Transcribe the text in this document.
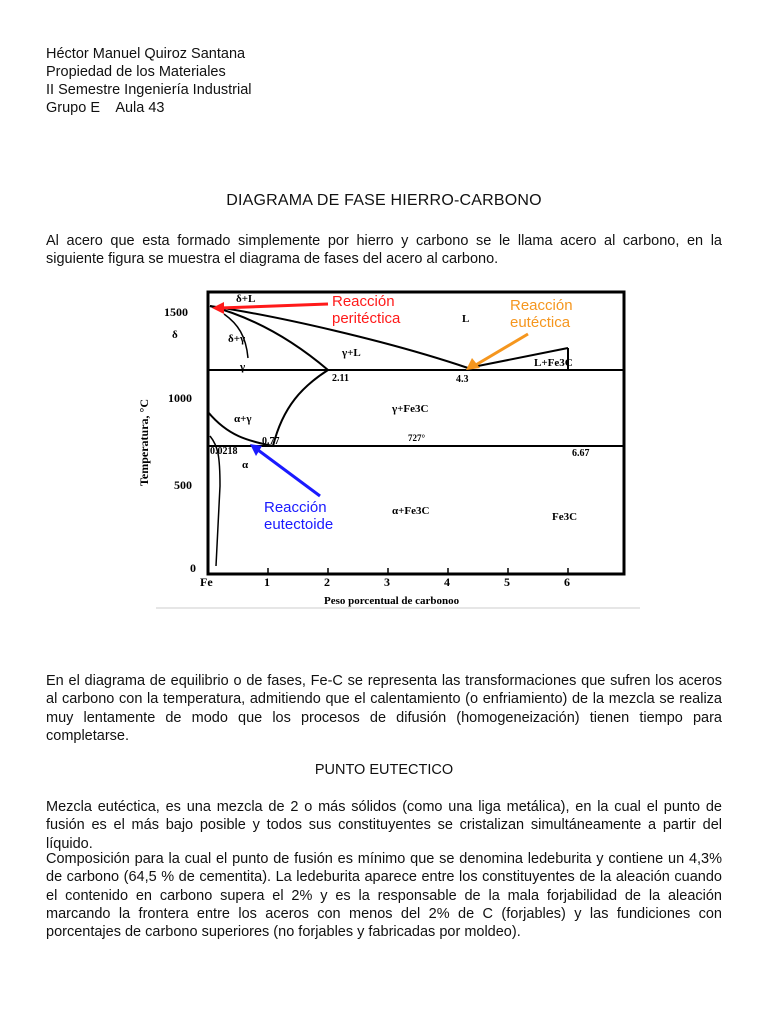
Héctor Manuel Quiroz Santana
Propiedad de los Materiales
II Semestre Ingeniería Industrial
Grupo E    Aula 43
DIAGRAMA DE FASE HIERRO-CARBONO
Al acero que esta formado simplemente por hierro y carbono se le llama acero al carbono, en la siguiente figura se muestra el diagrama de fases del acero al carbono.
1500
1000
500
0
Temperatura, °C
Fe	1	2	3	4	5	6
Peso porcentual de carbonoo
δ
δ+L
δ+γ
γ
γ+L
L
L+Fe3C
α+γ
α
γ+Fe3C
α+Fe3C	Fe3C
2.11	4.3
0.77
0.0218
727°
6.67
Reacción
peritéctica
Reacción
eutéctica
Reacción
eutectoide
En el diagrama de equilibrio o de fases, Fe-C se representa las transformaciones que sufren los aceros al carbono con la temperatura, admitiendo que el calentamiento (o enfriamiento) de la mezcla se realiza muy lentamente de modo que los procesos de difusión (homogeneización) tienen tiempo para completarse.
PUNTO EUTECTICO
Mezcla eutéctica, es una mezcla de 2 o más sólidos (como una liga metálica), en la cual el punto de fusión es el más bajo posible y todos sus constituyentes se cristalizan simultáneamente a partir del líquido.
Composición para la cual el punto de fusión es mínimo que se denomina ledeburita y contiene un 4,3% de carbono (64,5 % de cementita). La ledeburita aparece entre los constituyentes de la aleación cuando el contenido en carbono supera el 2% y es la responsable de la mala forjabilidad de la aleación marcando la frontera entre los aceros con menos del 2% de C (forjables) y las fundiciones con porcentajes de carbono superiores (no forjables y fabricadas por moldeo).
